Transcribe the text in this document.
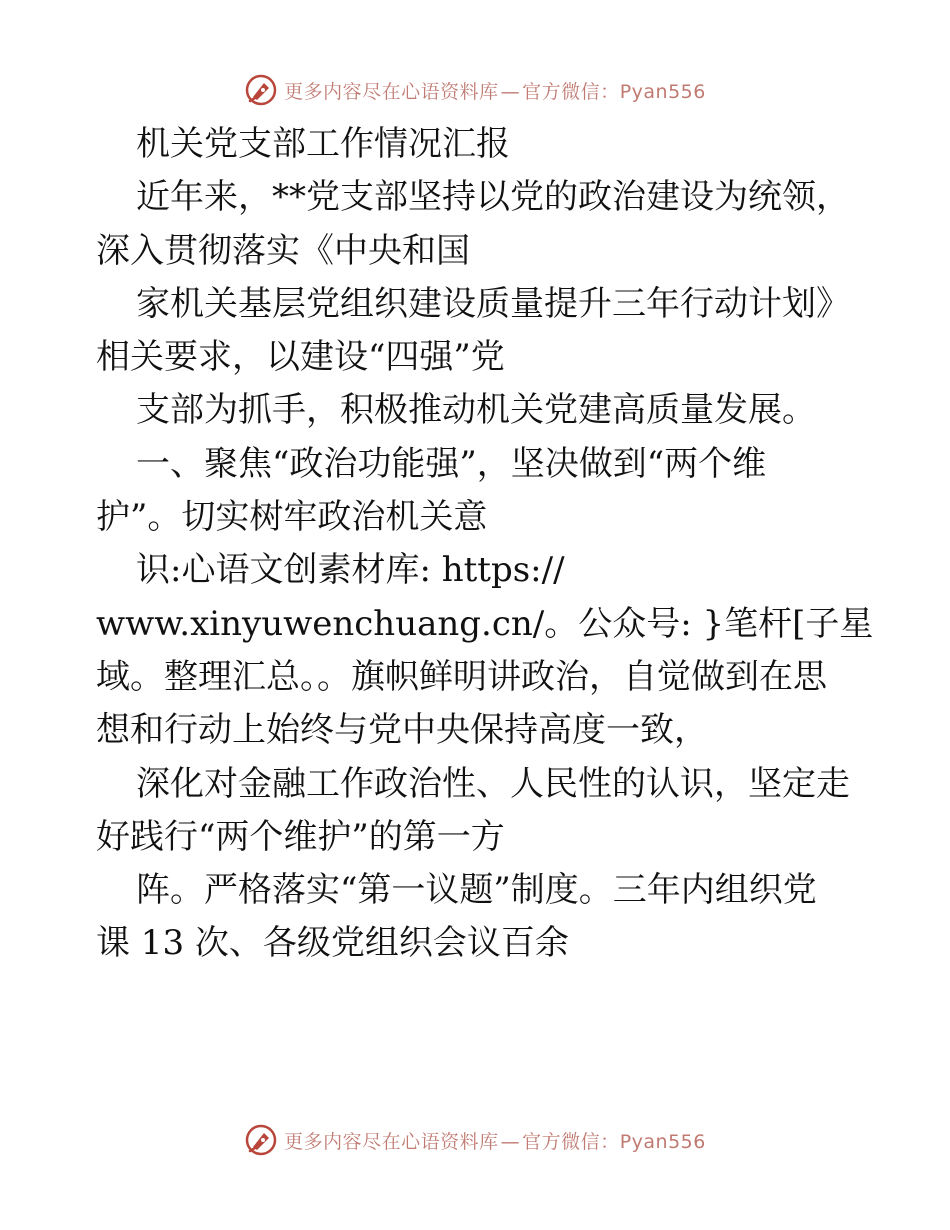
更多内容尽在心语资料库 — 官方微信：Pyan556
机关党支部工作情况汇报
近年来，**党支部坚持以党的政治建设为统领，
深入贯彻落实《中央和国
家机关基层党组织建设质量提升三年行动计划》
相关要求，以建设“四强”党
支部为抓手，积极推动机关党建高质量发展。
一、聚焦“政治功能强”，坚决做到“两个维
护”。切实树牢政治机关意
识:心语文创素材库: https://
www.xinyuwenchuang.cn/。公众号: }笔杆[子星
域。整理汇总。。旗帜鲜明讲政治，自觉做到在思
想和行动上始终与党中央保持高度一致，
深化对金融工作政治性、人民性的认识，坚定走
好践行“两个维护”的第一方
阵。严格落实“第一议题”制度。三年内组织党
课 13 次、各级党组织会议百余
更多内容尽在心语资料库 — 官方微信：Pyan556
